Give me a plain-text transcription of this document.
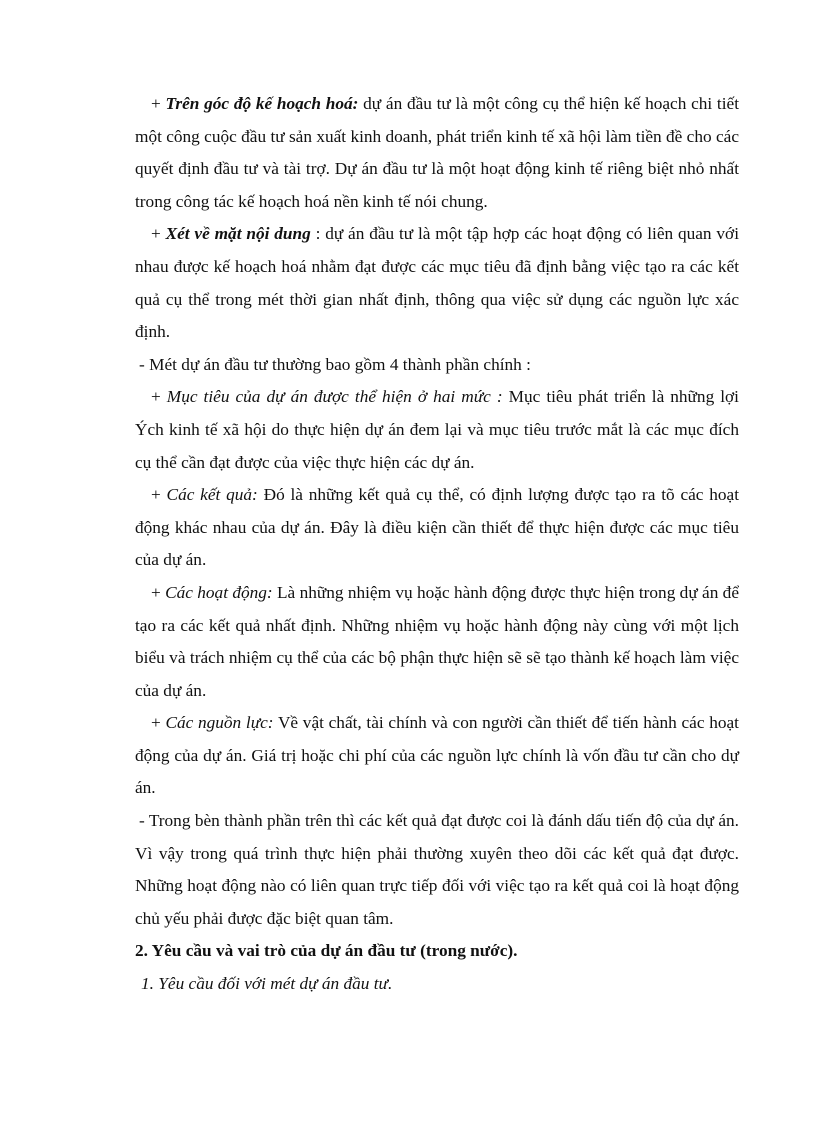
+ Trên góc độ kế hoạch hoá: dự án đầu tư là một công cụ thể hiện kế hoạch chi tiết một công cuộc đầu tư sản xuất kinh doanh, phát triển kinh tế xã hội làm tiền đề cho các quyết định đầu tư và tài trợ. Dự án đầu tư là một hoạt động kinh tế riêng biệt nhỏ nhất trong công tác kế hoạch hoá nền kinh tế nói chung.

+ Xét về mặt nội dung : dự án đầu tư là một tập hợp các hoạt động có liên quan với nhau được kế hoạch hoá nhằm đạt được các mục tiêu đã định bằng việc tạo ra các kết quả cụ thể trong mét thời gian nhất định, thông qua việc sử dụng các nguồn lực xác định.

- Mét dự án đầu tư thường bao gồm 4 thành phần chính :

+ Mục tiêu của dự án được thể hiện ở hai mức : Mục tiêu phát triển là những lợi Ých kinh tế xã hội do thực hiện dự án đem lại và mục tiêu trước mắt là các mục đích cụ thể cần đạt được của việc thực hiện các dự án.

+ Các kết quả: Đó là những kết quả cụ thể, có định lượng được tạo ra tõ các hoạt động khác nhau của dự án. Đây là điều kiện cần thiết để thực hiện được các mục tiêu của dự án.

+ Các hoạt động: Là những nhiệm vụ hoặc hành động được thực hiện trong dự án để tạo ra các kết quả nhất định. Những nhiệm vụ hoặc hành động này cùng với một lịch biểu và trách nhiệm cụ thể của các bộ phận thực hiện sẽ sẽ tạo thành kế hoạch làm việc của dự án.

+ Các nguồn lực: Về vật chất, tài chính và con người cần thiết để tiến hành các hoạt động của dự án. Giá trị hoặc chi phí của các nguồn lực chính là vốn đầu tư cần cho dự án.

- Trong bèn thành phần trên thì các kết quả đạt được coi là đánh dấu tiến độ của dự án. Vì vậy trong quá trình thực hiện phải thường xuyên theo dõi các kết quả đạt được. Những hoạt động nào có liên quan trực tiếp đối với việc tạo ra kết quả coi là hoạt động chủ yếu phải được đặc biệt quan tâm.

2. Yêu cầu và vai trò của dự án đầu tư (trong nước).

1. Yêu cầu đối với mét dự án đầu tư.
